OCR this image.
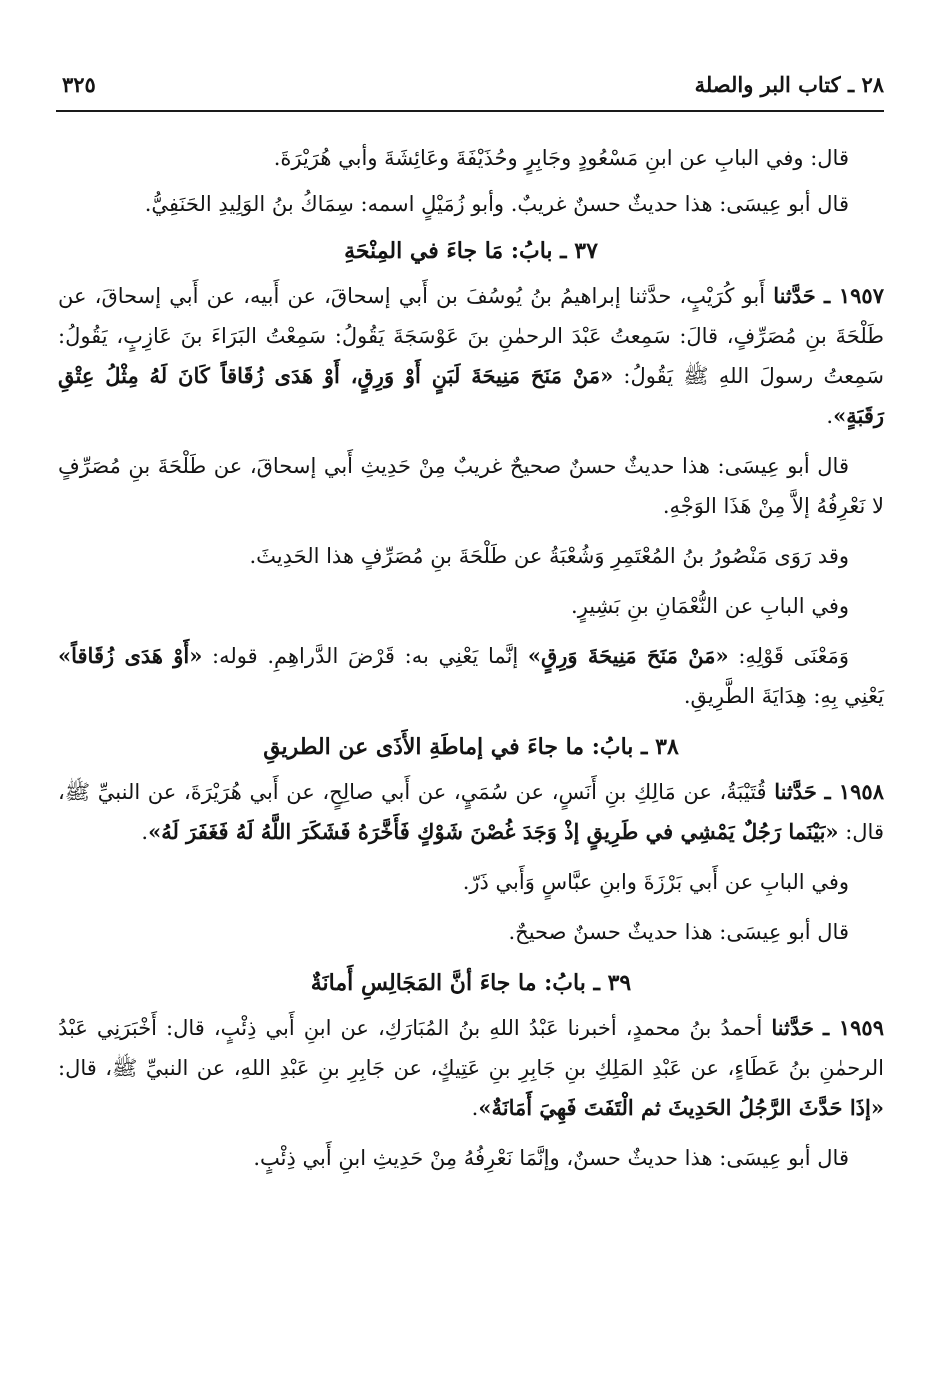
٢٨ ـ كتاب البر والصلة
٣٢٥

قال: وفي البابِ عن ابنِ مَسْعُودٍ وجَابِرٍ وحُذَيْفَةَ وعَائِشَةَ وأبي هُرَيْرَةَ.

قال أبو عِيسَى: هذا حديثٌ حسنٌ غريبٌ. وأبو زُمَيْلٍ اسمه: سِمَاكُ بنُ الوَلِيدِ الحَنَفِيُّ.

٣٧ ـ بابُ: مَا جاءَ في المِنْحَةِ

١٩٥٧ ـ حَدَّثنا أَبو كُرَيْبٍ، حدَّثنا إبراهيمُ بنُ يُوسُفَ بن أَبي إسحاقَ، عن أَبيه، عن أَبي إسحاقَ، عن طَلْحَةَ بنِ مُصَرِّفٍ، قالَ: سَمِعتُ عَبْدَ الرحمٰنِ بنَ عَوْسَجَةَ يَقُولُ: سَمِعْتُ البَرَاءَ بنَ عَازِبٍ، يَقُولُ: سَمِعتُ رسولَ اللهِ ﷺ يَقُولُ: «مَنْ مَنَحَ مَنِيحَةَ لَبَنٍ أَوْ وَرِقٍ، أَوْ هَدَى زُقَاقاً كَانَ لَهُ مِثْلُ عِتْقِ رَقَبَةٍ».

قال أبو عِيسَى: هذا حديثٌ حسنٌ صحيحٌ غريبٌ مِنْ حَدِيثِ أَبي إسحاقَ، عن طَلْحَةَ بنِ مُصَرِّفٍ لا نَعْرِفُهُ إلاَّ مِنْ هَذَا الوَجْهِ.

وقد رَوَى مَنْصُورُ بنُ المُعْتَمِرِ وَشُعْبَةُ عن طَلْحَةَ بنِ مُصَرِّفٍ هذا الحَدِيثَ.

وفي البابِ عن النُّعْمَانِ بنِ بَشِيرٍ.

وَمَعْنَى قَوْلِهِ: «مَنْ مَنَحَ مَنِيحَةَ وَرِقٍ» إنَّما يَعْنِي به: قَرْضَ الدَّراهِمِ. قوله: «أَوْ هَدَى زُقَاقاً» يَعْنِي بِهِ: هِدَايَةَ الطَّرِيقِ.

٣٨ ـ بابُ: ما جاءَ في إماطَةِ الأَذَى عن الطريقِ

١٩٥٨ ـ حَدَّثنا قُتَيْبَةُ، عن مَالِكِ بنِ أَنَسٍ، عن سُمَيٍ، عن أَبي صالِحٍ، عن أَبي هُرَيْرَةَ، عن النبيِّ ﷺ، قال: «بَيْنَما رَجُلٌ يَمْشِي في طَرِيقٍ إذْ وَجَدَ غُصْنَ شَوْكٍ فَأَخَّرَهُ فَشَكَرَ اللَّهُ لَهُ فَغَفَرَ لَهُ».

وفي البابِ عن أَبي بَرْزَةَ وابنِ عبَّاسٍ وَأَبي ذَرّ.

قال أبو عِيسَى: هذا حديثٌ حسنٌ صحيحٌ.

٣٩ ـ بابُ: ما جاءَ أنَّ المَجَالِسِ أَمانَةٌ

١٩٥٩ ـ حَدَّثنا أحمدُ بنُ محمدٍ، أخبرنا عَبْدُ اللهِ بنُ المُبَارَكِ، عن ابنِ أَبي ذِئْبٍ، قال: أَخْبَرَنِي عَبْدُ الرحمٰنِ بنُ عَطَاءٍ، عن عَبْدِ المَلِكِ بنِ جَابِرِ بنِ عَتِيكٍ، عن جَابِرِ بنِ عَبْدِ اللهِ، عن النبيِّ ﷺ، قال: «إذَا حَدَّثَ الرَّجُلُ الحَدِيثَ ثم الْتَفَتَ فَهِيَ أَمَانَةٌ».

قال أبو عِيسَى: هذا حديثٌ حسنٌ، وإنَّمَا نَعْرِفُهُ مِنْ حَدِيثِ ابنِ أَبي ذِئْبٍ.
